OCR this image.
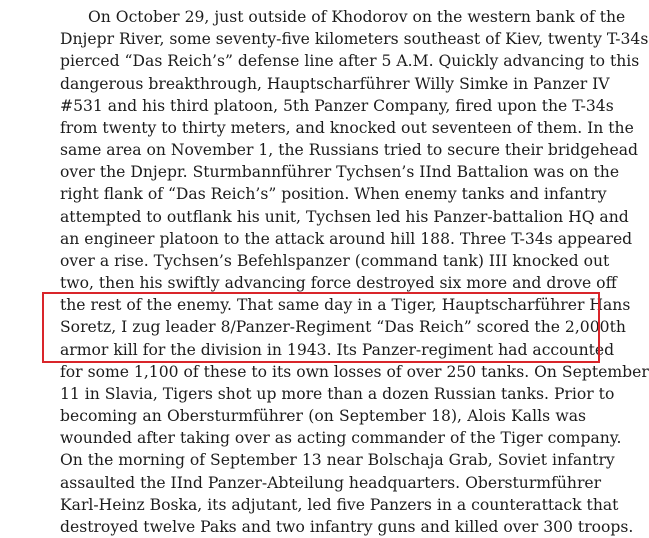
On October 29, just outside of Khodorov on the western bank of the
Dnjepr River, some seventy-five kilometers southeast of Kiev, twenty T-34s
pierced “Das Reich’s” defense line after 5 A.M. Quickly advancing to this
dangerous breakthrough, Hauptscharführer Willy Simke in Panzer IV
#531 and his third platoon, 5th Panzer Company, fired upon the T-34s
from twenty to thirty meters, and knocked out seventeen of them. In the
same area on November 1, the Russians tried to secure their bridgehead
over the Dnjepr. Sturmbannführer Tychsen’s IInd Battalion was on the
right flank of “Das Reich’s” position. When enemy tanks and infantry
attempted to outflank his unit, Tychsen led his Panzer-battalion HQ and
an engineer platoon to the attack around hill 188. Three T-34s appeared
over a rise. Tychsen’s Befehlspanzer (command tank) III knocked out
two, then his swiftly advancing force destroyed six more and drove off
the rest of the enemy. That same day in a Tiger, Hauptscharführer Hans
Soretz, I zug leader 8/Panzer-Regiment “Das Reich” scored the 2,000th
armor kill for the division in 1943. Its Panzer-regiment had accounted
for some 1,100 of these to its own losses of over 250 tanks. On September
11 in Slavia, Tigers shot up more than a dozen Russian tanks. Prior to
becoming an Obersturmführer (on September 18), Alois Kalls was
wounded after taking over as acting commander of the Tiger company.
On the morning of September 13 near Bolschaja Grab, Soviet infantry
assaulted the IInd Panzer-Abteilung headquarters. Obersturmführer
Karl-Heinz Boska, its adjutant, led five Panzers in a counterattack that
destroyed twelve Paks and two infantry guns and killed over 300 troops.
